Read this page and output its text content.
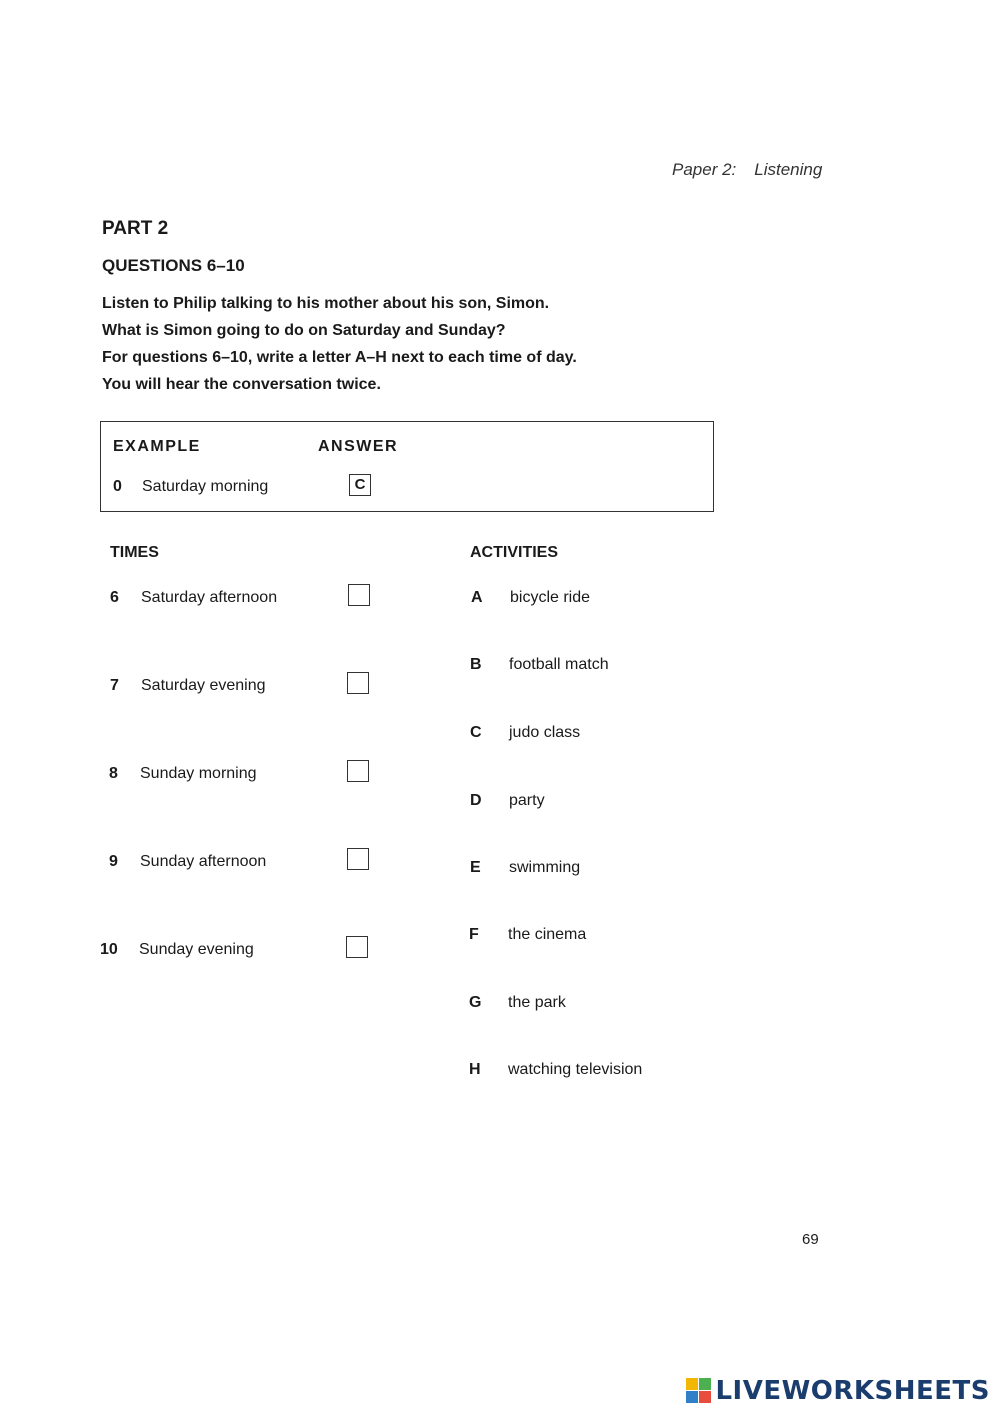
Paper 2: Listening
PART 2
QUESTIONS 6–10
Listen to Philip talking to his mother about his son, Simon.
What is Simon going to do on Saturday and Sunday?
For questions 6–10, write a letter A–H next to each time of day.
You will hear the conversation twice.
EXAMPLE	ANSWER
0 Saturday morning	C
TIMES	ACTIVITIES
6 Saturday afternoon
7 Saturday evening
8 Sunday morning
9 Sunday afternoon
10 Sunday evening
A bicycle ride
B football match
C judo class
D party
E swimming
F the cinema
G the park
H watching television
69
LIVEWORKSHEETS
